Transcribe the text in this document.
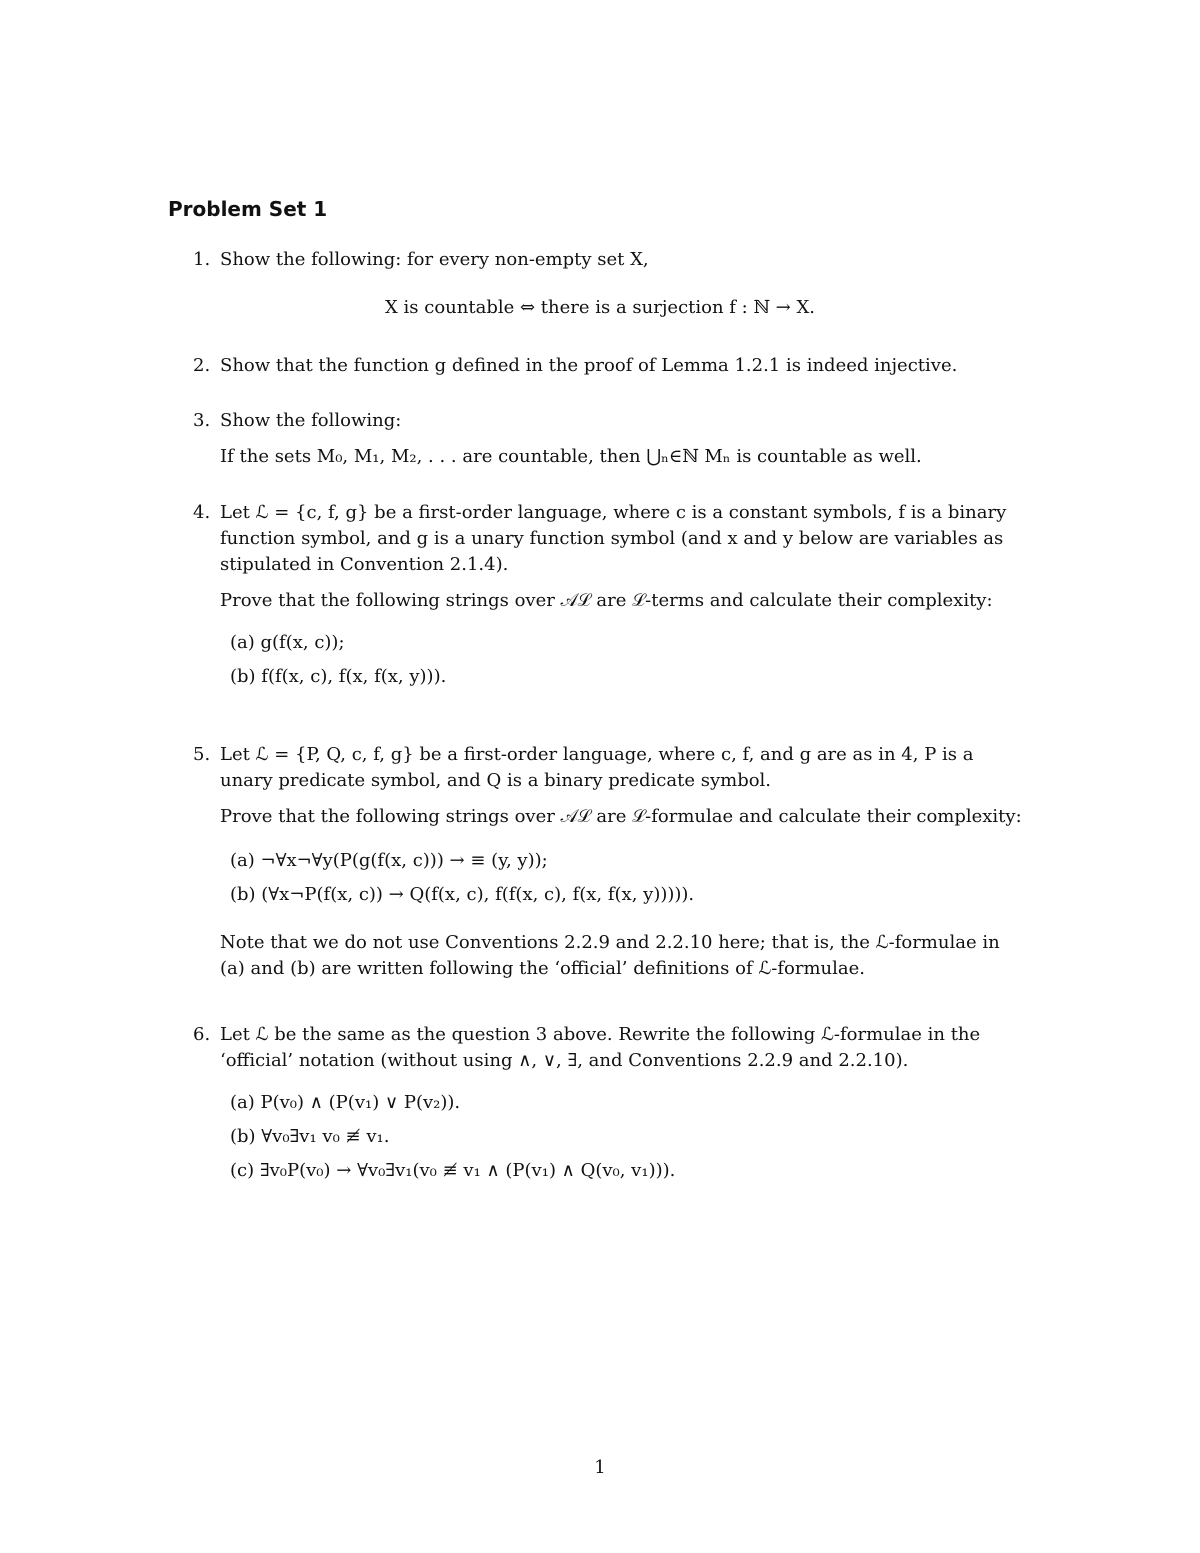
Problem Set 1
1. Show the following: for every non-empty set X,
X is countable ⇔ there is a surjection f : ℕ → X.
2. Show that the function g defined in the proof of Lemma 1.2.1 is indeed injective.
3. Show the following:
If the sets M₀, M₁, M₂, . . . are countable, then ⋃ₙ∈ℕ Mₙ is countable as well.
4. Let ℒ = {c, f, g} be a first-order language, where c is a constant symbols, f is a binary
function symbol, and g is a unary function symbol (and x and y below are variables as
stipulated in Convention 2.1.4).
Prove that the following strings over 𝒜ℒ are ℒ-terms and calculate their complexity:
(a) g(f(x, c));
(b) f(f(x, c), f(x, f(x, y))).
5. Let ℒ = {P, Q, c, f, g} be a first-order language, where c, f, and g are as in 4, P is a
unary predicate symbol, and Q is a binary predicate symbol.
Prove that the following strings over 𝒜ℒ are ℒ-formulae and calculate their complexity:
(a) ¬∀x¬∀y(P(g(f(x, c))) → ≡ (y, y));
(b) (∀x¬P(f(x, c)) → Q(f(x, c), f(f(x, c), f(x, f(x, y))))).
Note that we do not use Conventions 2.2.9 and 2.2.10 here; that is, the ℒ-formulae in
(a) and (b) are written following the ‘official’ definitions of ℒ-formulae.
6. Let ℒ be the same as the question 3 above. Rewrite the following ℒ-formulae in the
‘official’ notation (without using ∧, ∨, ∃, and Conventions 2.2.9 and 2.2.10).
(a) P(v₀) ∧ (P(v₁) ∨ P(v₂)).
(b) ∀v₀∃v₁ v₀ ≢ v₁.
(c) ∃v₀P(v₀) → ∀v₀∃v₁(v₀ ≢ v₁ ∧ (P(v₁) ∧ Q(v₀, v₁))).
1
